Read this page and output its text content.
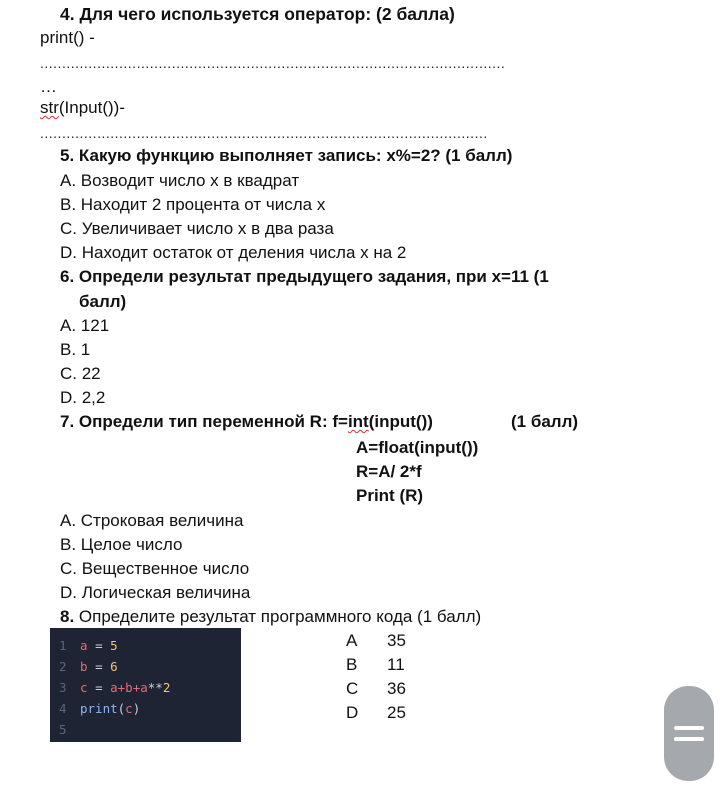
4. Для чего используется оператор: (2 балла)
print() -
..........................................................................................................
…
str(Input())-
......................................................................................................
5. Какую функцию выполняет запись: x%=2? (1 балл)
A. Возводит число x в квадрат
B. Находит 2 процента от числа x
C. Увеличивает число x в два раза
D. Находит остаток от деления числа x на 2
6. Определи результат предыдущего задания, при x=11 (1
балл)
A. 121
B. 1
C. 22
D. 2,2
7. Определи тип переменной R: f=int(input())	(1 балл)
A=float(input())
R=A/ 2*f
Print (R)
A. Строковая величина
B. Целое число
C. Вещественное число
D. Логическая величина
8. Определите результат программного кода (1 балл)
1 a = 5
2 b = 6
3 c = a+b+a**2
4 print(c)
5
A 35
B 11
C 36
D 25
